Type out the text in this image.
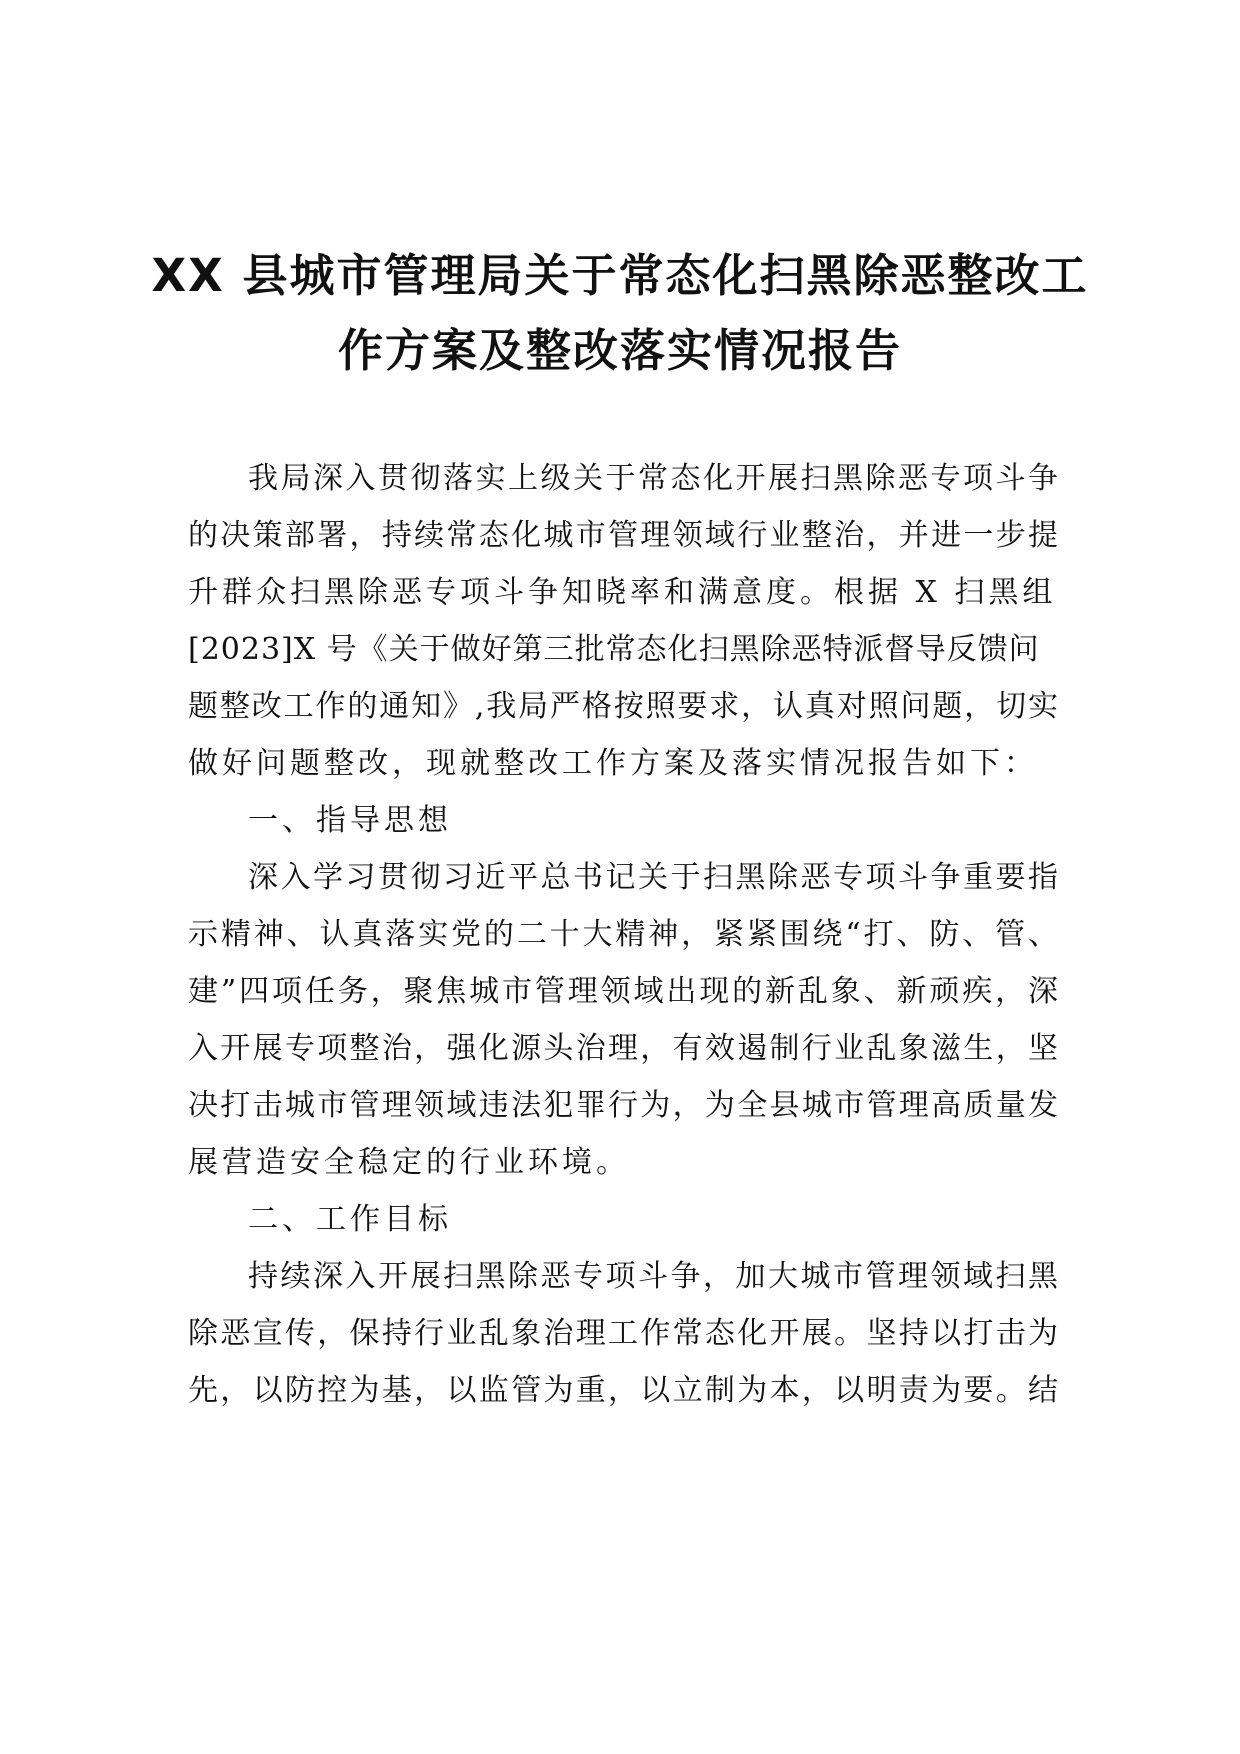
XX 县城市管理局关于常态化扫黑除恶整改工
作方案及整改落实情况报告
我局深入贯彻落实上级关于常态化开展扫黑除恶专项斗争
的决策部署，持续常态化城市管理领域行业整治，并进一步提
升群众扫黑除恶专项斗争知晓率和满意度。根据 X 扫黑组
[2023]X 号《关于做好第三批常态化扫黑除恶特派督导反馈问
题整改工作的通知》,我局严格按照要求，认真对照问题，切实
做好问题整改，现就整改工作方案及落实情况报告如下：
一、指导思想
深入学习贯彻习近平总书记关于扫黑除恶专项斗争重要指
示精神、认真落实党的二十大精神，紧紧围绕“打、防、管、
建”四项任务，聚焦城市管理领域出现的新乱象、新顽疾，深
入开展专项整治，强化源头治理，有效遏制行业乱象滋生，坚
决打击城市管理领域违法犯罪行为，为全县城市管理高质量发
展营造安全稳定的行业环境。
二、工作目标
持续深入开展扫黑除恶专项斗争，加大城市管理领域扫黑
除恶宣传，保持行业乱象治理工作常态化开展。坚持以打击为
先，以防控为基，以监管为重，以立制为本，以明责为要。结
